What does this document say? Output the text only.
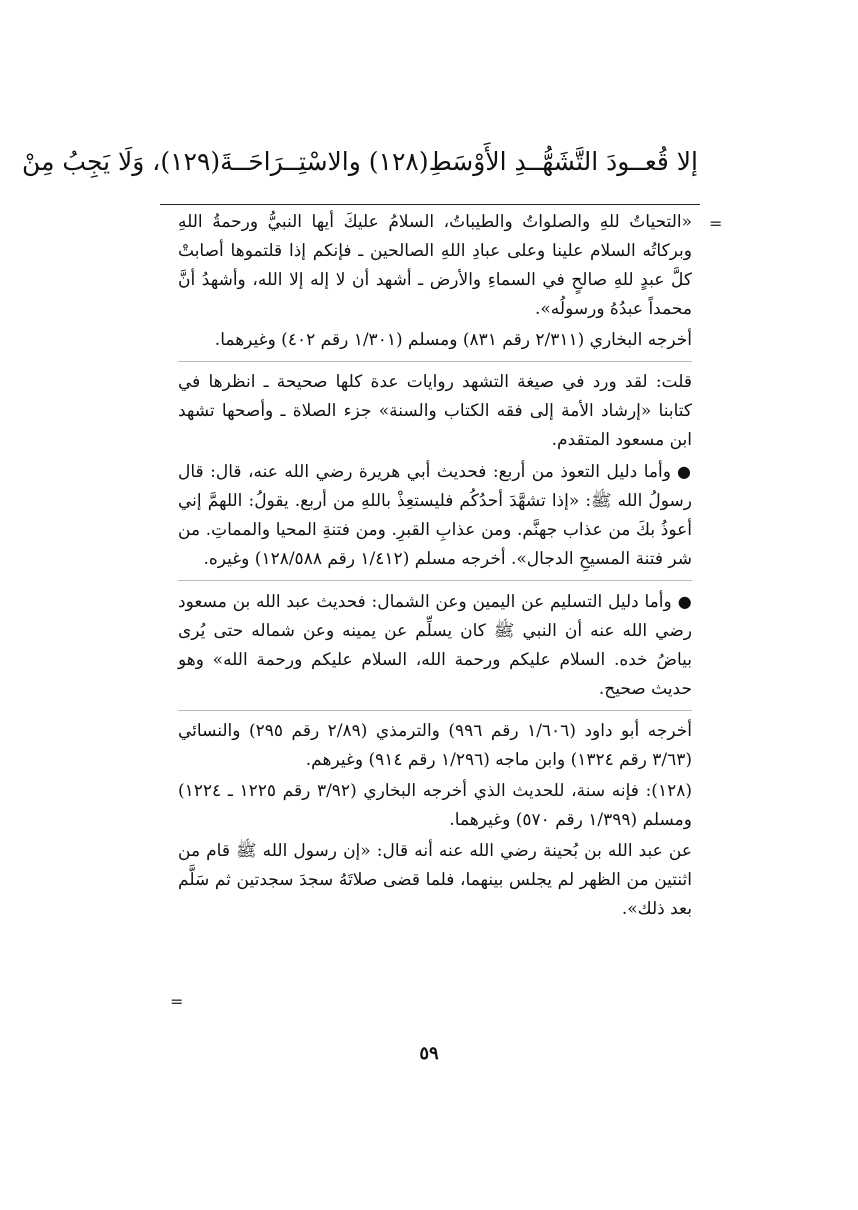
إلا قُعــودَ التَّشَهُّــدِ الأَوْسَطِ(١٢٨) والاسْتِــرَاحَــةَ(١٢٩)، وَلَا يَجِبُ مِنْ
=

«التحياتُ للهِ والصلواتُ والطيباتُ، السلامُ عليكَ أيها النبيُّ ورحمةُ اللهِ وبركاتُه السلام علينا وعلى عبادِ اللهِ الصالحين ـ فإنكم إذا قلتموها أصابتْ كلَّ عبدٍ للهِ صالحٍ في السماءِ والأرض ـ أشهد أن لا إله إلا الله، وأشهدُ أنَّ محمداً عبدُهُ ورسولُه».

أخرجه البخاري (٢/٣١١ رقم ٨٣١) ومسلم (١/٣٠١ رقم ٤٠٢) وغيرهما.

قلت: لقد ورد في صيغة التشهد روايات عدة كلها صحيحة ـ انظرها في كتابنا «إرشاد الأمة إلى فقه الكتاب والسنة» جزء الصلاة ـ وأصحها تشهد ابن مسعود المتقدم.

● وأما دليل التعوذ من أربع: فحديث أبي هريرة رضي الله عنه، قال: قال رسولُ الله ﷺ: «إذا تشهَّدَ أحدُكُم فليستعِذْ باللهِ من أربع. يقولُ: اللهمَّ إني أعوذُ بكَ من عذاب جهنَّم. ومن عذابِ القبرِ. ومن فتنةِ المحيا والمماتِ. من شر فتنة المسيحِ الدجال». أخرجه مسلم (١/٤١٢ رقم ١٢٨/٥٨٨) وغيره.

● وأما دليل التسليم عن اليمين وعن الشمال: فحديث عبد الله بن مسعود رضي الله عنه أن النبي ﷺ كان يسلِّم عن يمينه وعن شماله حتى يُرى بياضُ خده. السلام عليكم ورحمة الله، السلام عليكم ورحمة الله» وهو حديث صحيح.

أخرجه أبو داود (١/٦٠٦ رقم ٩٩٦) والترمذي (٢/٨٩ رقم ٢٩٥) والنسائي (٣/٦٣ رقم ١٣٢٤) وابن ماجه (١/٢٩٦ رقم ٩١٤) وغيرهم.

(١٢٨): فإنه سنة، للحديث الذي أخرجه البخاري (٣/٩٢ رقم ١٢٢٥ ـ ١٢٢٤) ومسلم (١/٣٩٩ رقم ٥٧٠) وغيرهما.

عن عبد الله بن بُحينة رضي الله عنه أنه قال: «إن رسول الله ﷺ قام من اثنتين من الظهر لم يجلس بينهما، فلما قضى صلاتَهُ سجدَ سجدتين ثم سَلَّم بعد ذلك».

=
٥٩
